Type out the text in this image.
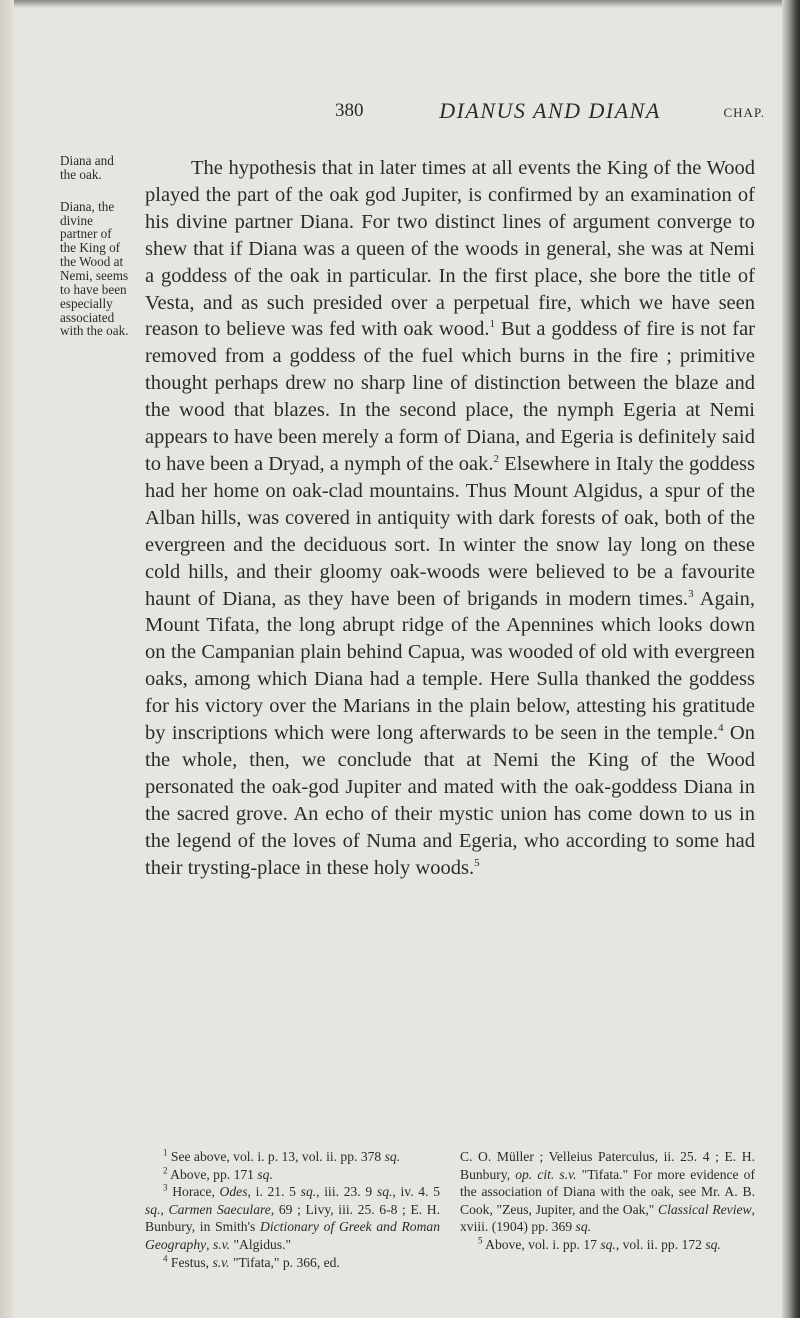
380	DIANUS AND DIANA	CHAP.
Diana and the oak.
Diana, the divine partner of the King of the Wood at Nemi, seems to have been especially associated with the oak.

The hypothesis that in later times at all events the King of the Wood played the part of the oak god Jupiter, is confirmed by an examination of his divine partner Diana. For two distinct lines of argument converge to shew that if Diana was a queen of the woods in general, she was at Nemi a goddess of the oak in particular. In the first place, she bore the title of Vesta, and as such presided over a perpetual fire, which we have seen reason to believe was fed with oak wood.$^1$ But a goddess of fire is not far removed from a goddess of the fuel which burns in the fire ; primitive thought perhaps drew no sharp line of distinction between the blaze and the wood that blazes. In the second place, the nymph Egeria at Nemi appears to have been merely a form of Diana, and Egeria is definitely said to have been a Dryad, a nymph of the oak.$^2$ Elsewhere in Italy the goddess had her home on oak-clad mountains. Thus Mount Algidus, a spur of the Alban hills, was covered in antiquity with dark forests of oak, both of the evergreen and the deciduous sort. In winter the snow lay long on these cold hills, and their gloomy oak-woods were believed to be a favourite haunt of Diana, as they have been of brigands in modern times.$^3$ Again, Mount Tifata, the long abrupt ridge of the Apennines which looks down on the Campanian plain behind Capua, was wooded of old with evergreen oaks, among which Diana had a temple. Here Sulla thanked the goddess for his victory over the Marians in the plain below, attesting his gratitude by inscriptions which were long afterwards to be seen in the temple.$^4$ On the whole, then, we conclude that at Nemi the King of the Wood personated the oak-god Jupiter and mated with the oak-goddess Diana in the sacred grove. An echo of their mystic union has come down to us in the legend of the loves of Numa and Egeria, who according to some had their trysting-place in these holy woods.$^5$

$^1$ See above, vol. i. p. 13, vol. ii. pp. 378 sq.

$^2$ Above, pp. 171 sq.

$^3$ Horace, Odes, i. 21. 5 sq., iii. 23. 9 sq., iv. 4. 5 sq., Carmen Saeculare, 69 ; Livy, iii. 25. 6-8 ; E. H. Bunbury, in Smith's Dictionary of Greek and Roman Geography, s.v. "Algidus."

$^4$ Festus, s.v. "Tifata," p. 366, ed.

C. O. Müller ; Velleius Paterculus, ii. 25. 4 ; E. H. Bunbury, op. cit. s.v. "Tifata." For more evidence of the association of Diana with the oak, see Mr. A. B. Cook, "Zeus, Jupiter, and the Oak," Classical Review, xviii. (1904) pp. 369 sq.

$^5$ Above, vol. i. pp. 17 sq., vol. ii. pp. 172 sq.
